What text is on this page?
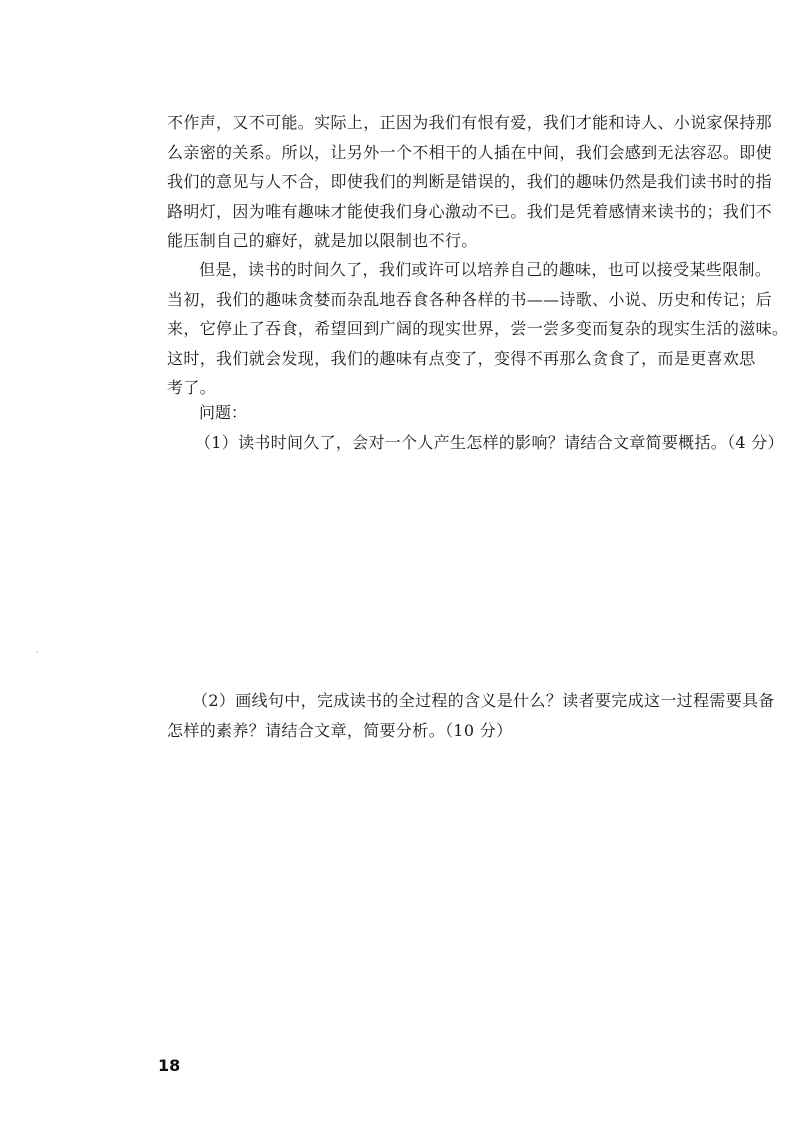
不作声，又不可能。实际上，正因为我们有恨有爱，我们才能和诗人、小说家保持那
么亲密的关系。所以，让另外一个不相干的人插在中间，我们会感到无法容忍。即使
我们的意见与人不合，即使我们的判断是错误的，我们的趣味仍然是我们读书时的指
路明灯，因为唯有趣味才能使我们身心激动不已。我们是凭着感情来读书的；我们不
能压制自己的癖好，就是加以限制也不行。
但是，读书的时间久了，我们或许可以培养自己的趣味，也可以接受某些限制。
当初，我们的趣味贪婪而杂乱地吞食各种各样的书——诗歌、小说、历史和传记；后
来，它停止了吞食，希望回到广阔的现实世界，尝一尝多变而复杂的现实生活的滋味。
这时，我们就会发现，我们的趣味有点变了，变得不再那么贪食了，而是更喜欢思
考了。
问题：
（1）读书时间久了，会对一个人产生怎样的影响？请结合文章简要概括。（4 分）
（2）画线句中，完成读书的全过程的含义是什么？读者要完成这一过程需要具备
怎样的素养？请结合文章，简要分析。（10 分）
18
